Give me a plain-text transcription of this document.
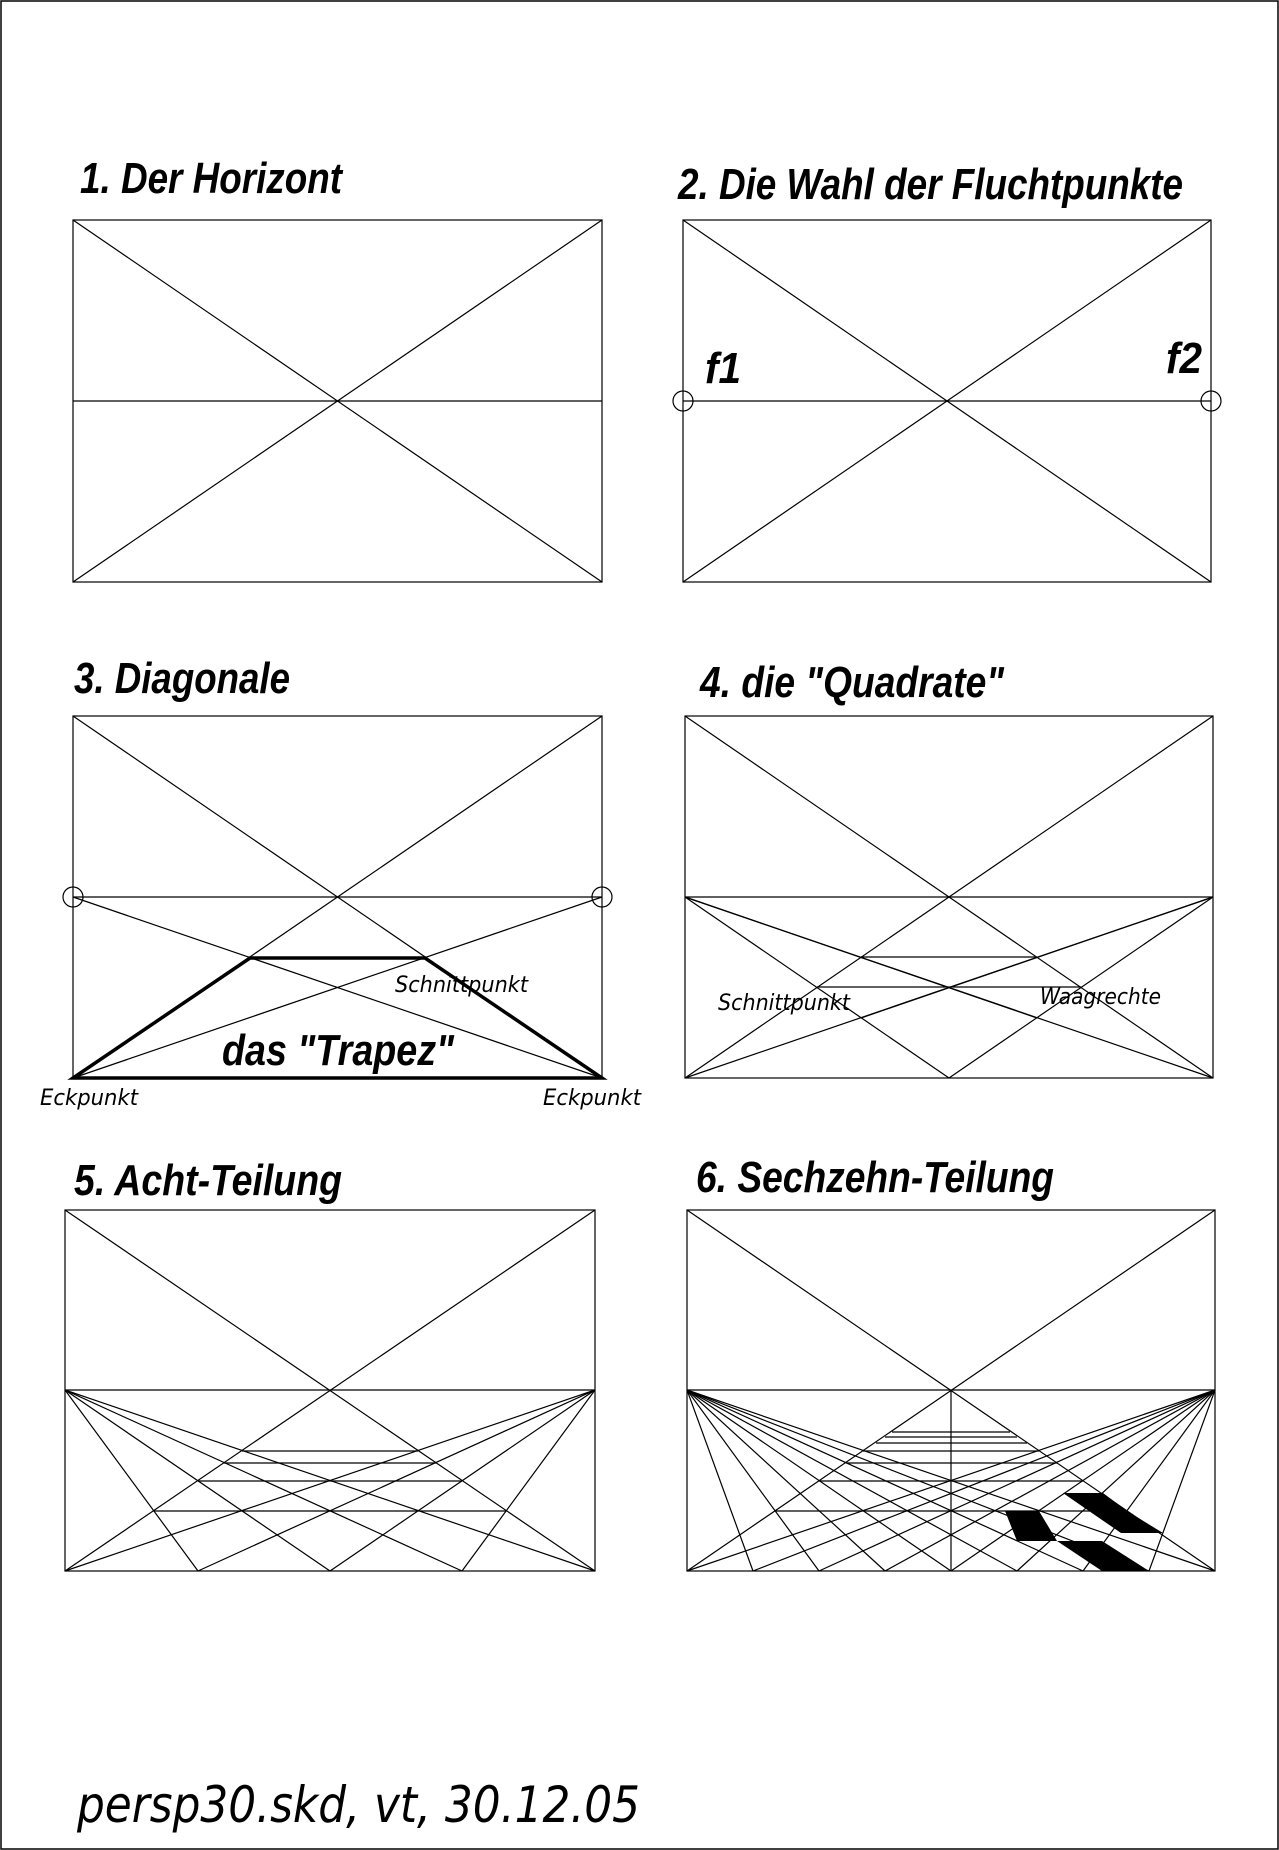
1. Der Horizont	2. Die Wahl der Fluchtpunkte
3. Diagonale	4. die "Quadrate"
5. Acht-Teilung	6. Sechzehn-Teilung
f1	f2
Schnittpunkt
das "Trapez"
Eckpunkt	Eckpunkt
Schnittpunkt	Waagrechte
persp30.skd, vt, 30.12.05
